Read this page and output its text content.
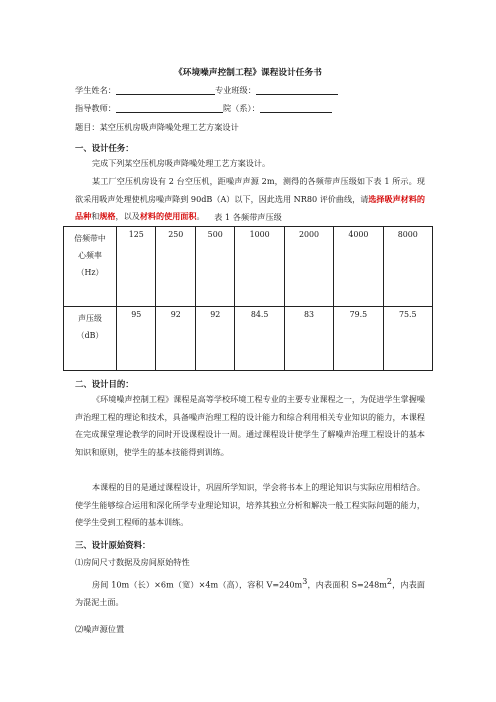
《环境噪声控制工程》课程设计任务书
学生姓名：	专业班级：
指导教师：	院（系）：
题目：某空压机房吸声降噪处理工艺方案设计
一、设计任务：
完成下列某空压机房吸声降噪处理工艺方案设计。
某工厂空压机房设有 2 台空压机，距噪声声源 2m，测得的各频带声压级如下表 1 所示。现欲采用吸声处理使机房噪声降到 90dB（A）以下，因此选用 NR80 评价曲线，请选择吸声材料的品种和规格，以及材料的使用面积。	表 1 各频带声压级
倍频带中
心频率
（Hz）	125	250	500	1000	2000	4000	8000

声压级
（dB）	95	92	92	84.5	83	79.5	75.5
二、设计目的：
《环境噪声控制工程》课程是高等学校环境工程专业的主要专业课程之一，为促进学生掌握噪声治理工程的理论和技术，具备噪声治理工程的设计能力和综合利用相关专业知识的能力，本课程在完成课堂理论教学的同时开设课程设计一周。通过课程设计使学生了解噪声治理工程设计的基本知识和原则，使学生的基本技能得到训练。
本课程的目的是通过课程设计，巩固所学知识，学会将书本上的理论知识与实际应用相结合。使学生能够综合运用和深化所学专业理论知识，培养其独立分析和解决一般工程实际问题的能力，使学生受到工程师的基本训练。
三、设计原始资料：
⑴房间尺寸数据及房间原始特性
房间 10m（长）×6m（宽）×4m（高），容积 $V=240m^3$，内表面积 $S=248m^2$，内表面为混泥土面。
⑵噪声源位置
